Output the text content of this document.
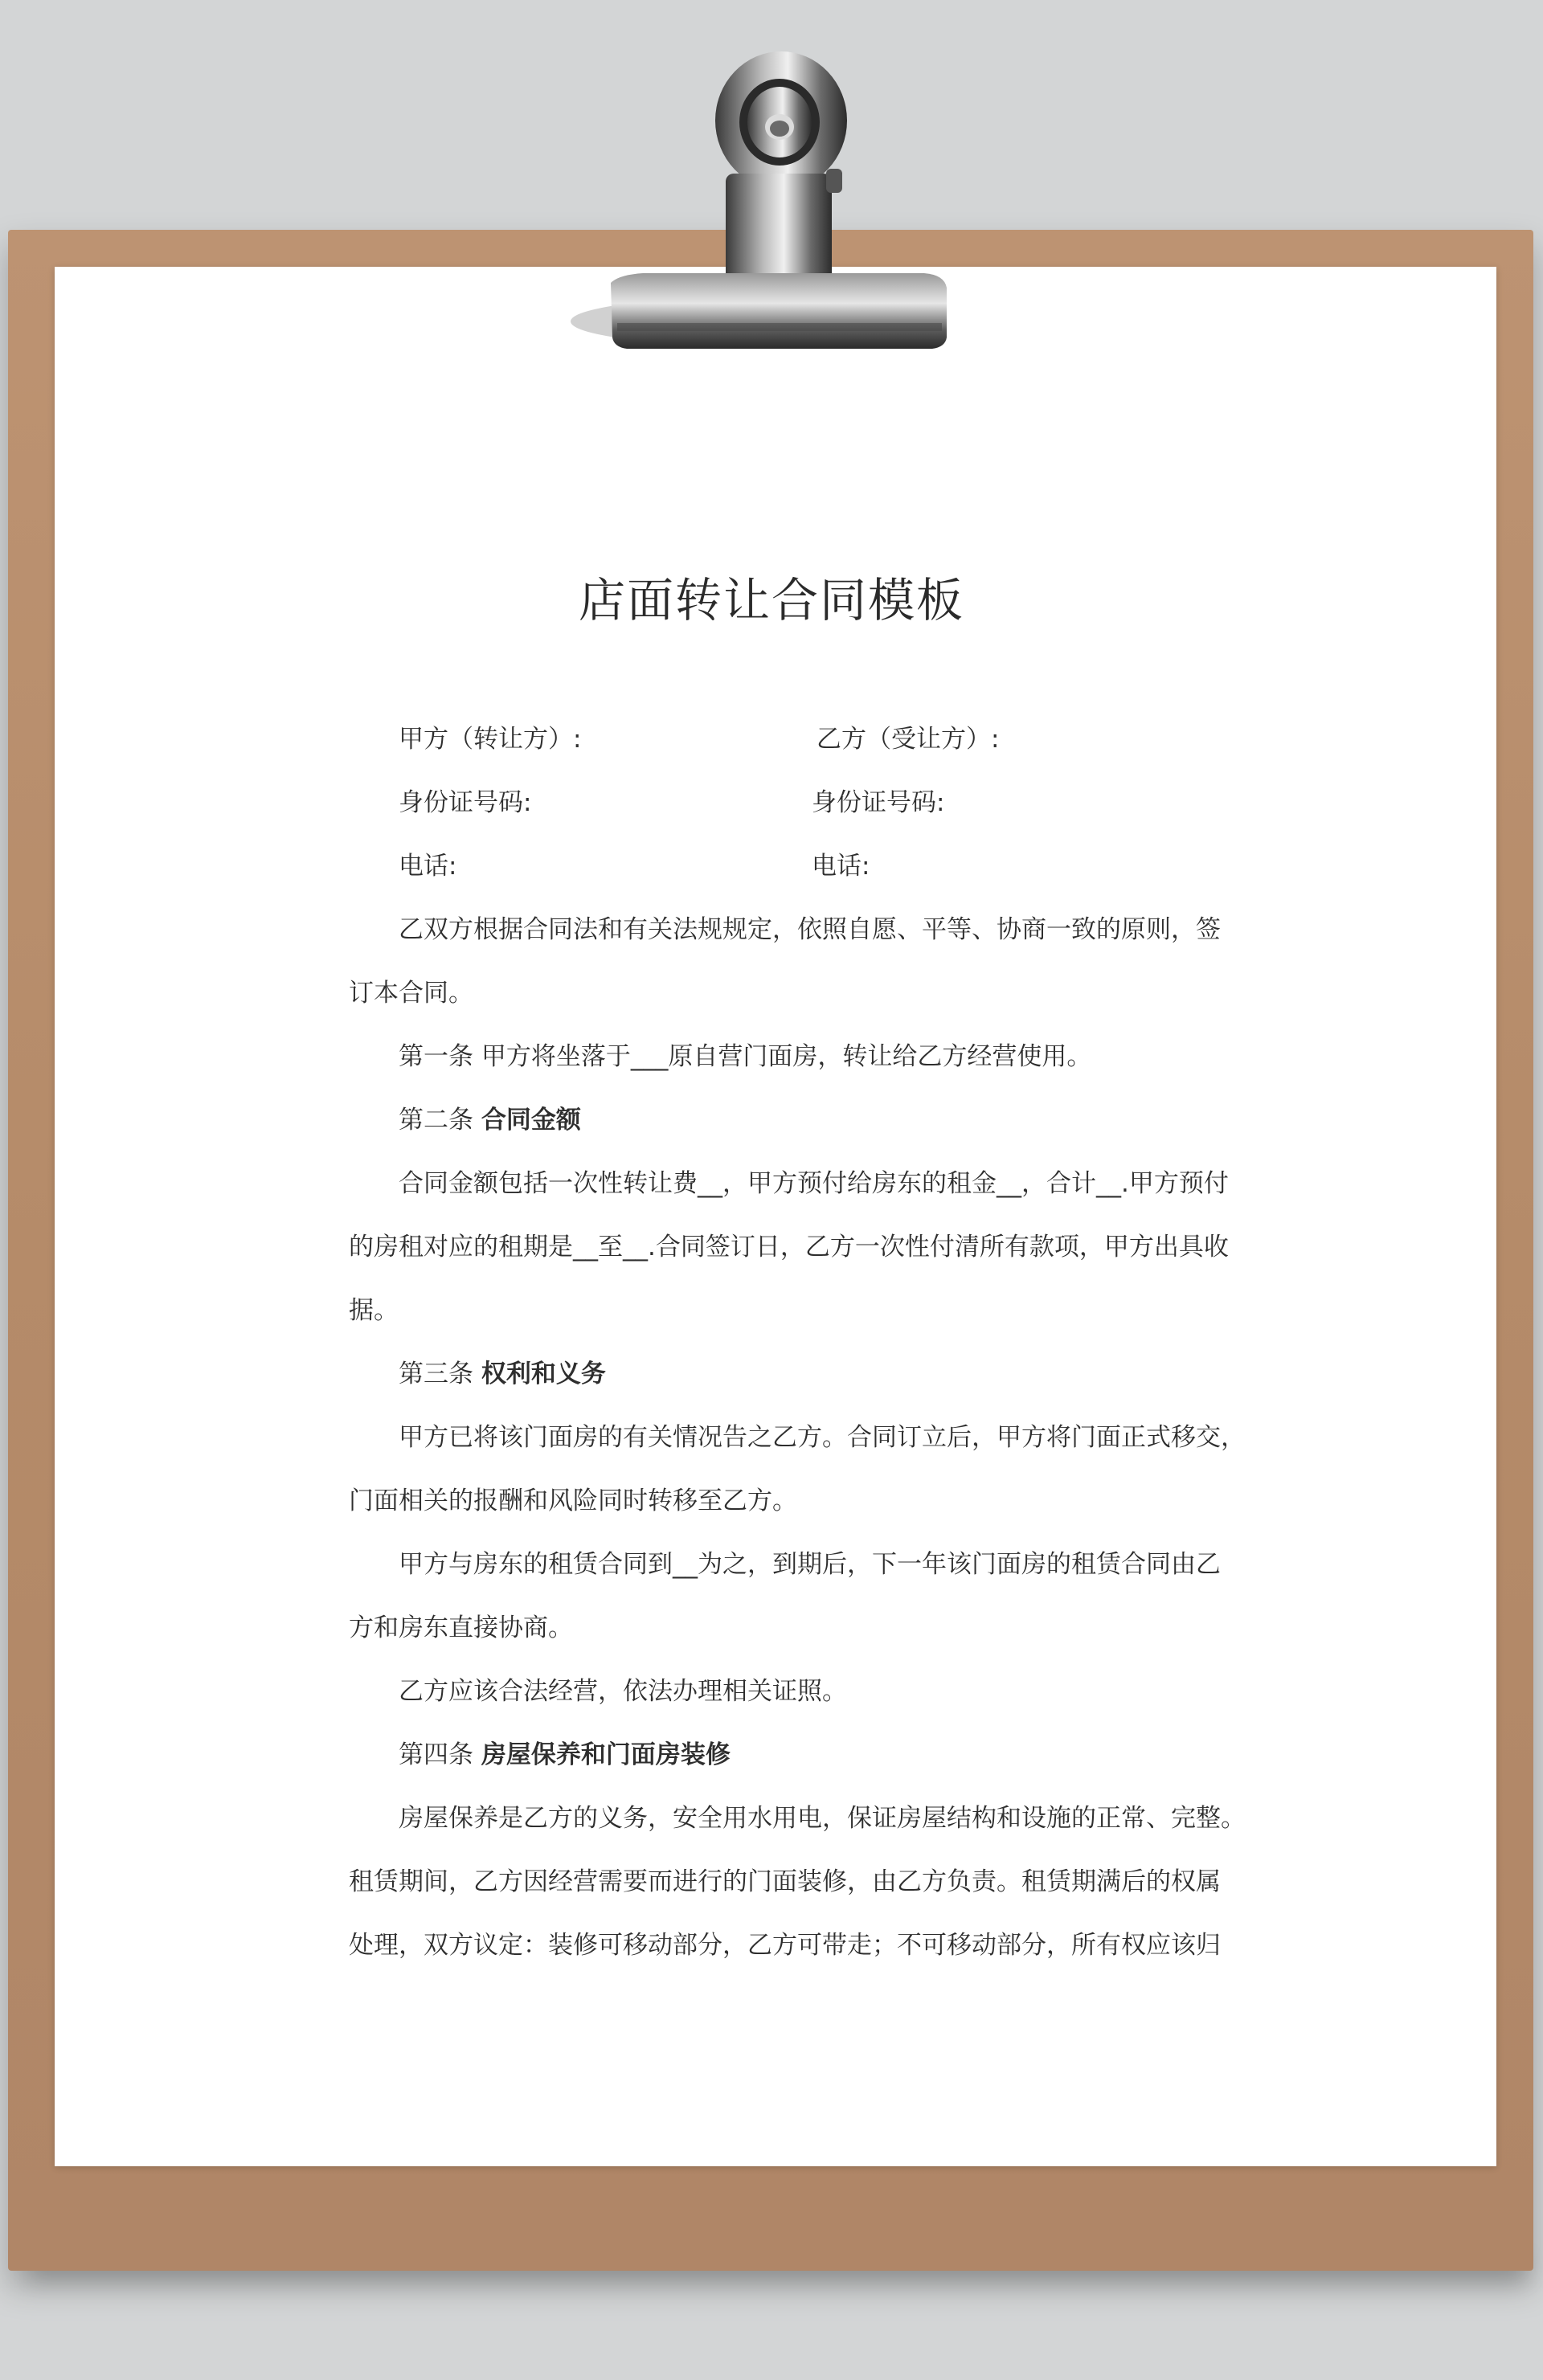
店面转让合同模板
甲方（转让方）:	乙方（受让方）:
身份证号码:	身份证号码:
电话:	电话:
乙双方根据合同法和有关法规规定，依照自愿、平等、协商一致的原则，签
订本合同。
第一条 甲方将坐落于___原自营门面房，转让给乙方经营使用。
第二条 合同金额
合同金额包括一次性转让费__，甲方预付给房东的租金__，合计__.甲方预付
的房租对应的租期是__至__.合同签订日，乙方一次性付清所有款项，甲方出具收
据。
第三条 权利和义务
甲方已将该门面房的有关情况告之乙方。合同订立后，甲方将门面正式移交，
门面相关的报酬和风险同时转移至乙方。
甲方与房东的租赁合同到__为之，到期后，下一年该门面房的租赁合同由乙
方和房东直接协商。
乙方应该合法经营，依法办理相关证照。
第四条 房屋保养和门面房装修
房屋保养是乙方的义务，安全用水用电，保证房屋结构和设施的正常、完整。
租赁期间，乙方因经营需要而进行的门面装修，由乙方负责。租赁期满后的权属
处理，双方议定：装修可移动部分，乙方可带走；不可移动部分，所有权应该归
